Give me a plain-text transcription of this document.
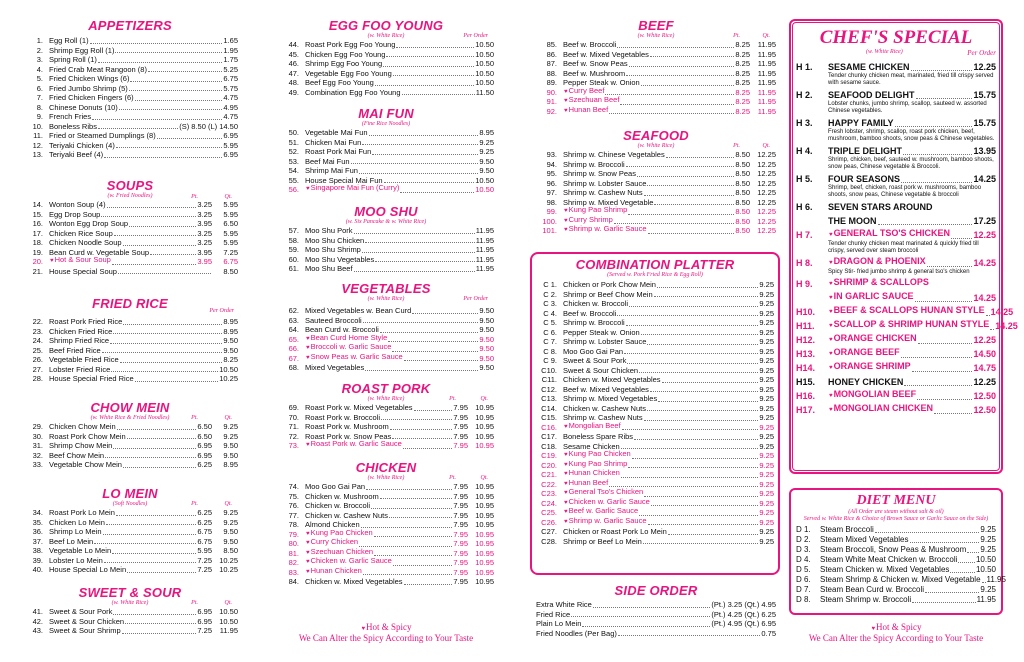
APPETIZERS
1. Egg Roll (1)	1.65
2. Shrimp Egg Roll (1)	1.95
3. Spring Roll (1)	1.75
4. Fried Crab Meat Rangoon (8)	5.25
5. Fried Chicken Wings (6)	6.75
6. Fried Jumbo Shrimp (5)	5.75
7. Fried Chicken Fingers (6)	4.75
8. Chinese Donuts (10)	4.95
9. French Fries	4.75
10. Boneless Ribs	(S) 8.50 (L) 14.50
11. Fried or Steamed Dumplings (8)	6.95
12. Teriyaki Chicken (4)	5.95
13. Teriyaki Beef (4)	6.95
SOUPS
(w. Fried Noodles)	Pt.	Qt.
14. Wonton Soup (4)	3.25 5.95
15. Egg Drop Soup	3.25 5.95
16. Wonton Egg Drop Soup	3.95 6.50
17. Chicken Rice Soup	3.25 5.95
18. Chicken Noodle Soup	3.25 5.95
19. Bean Curd w. Vegetable Soup	3.95 7.25
20.	♥Hot & Sour Soup	3.95 6.75
21. House Special Soup	8.50
FRIED RICE	Per Order
22. Roast Pork Fried Rice	8.95
23. Chicken Fried Rice	8.95
24. Shrimp Fried Rice	9.50
25. Beef Fried Rice	9.50
26. Vegetable Fried Rice	8.25
27. Lobster Fried Rice	10.50
28. House Special Fried Rice	10.25
CHOW MEIN
(w. White Rice & Fried Noodles)	Pt.	Qt.
29. Chicken Chow Mein	6.50 9.25
30. Roast Pork Chow Mein	6.50 9.25
31. Shrimp Chow Mein	6.95 9.50
32. Beef Chow Mein	6.95 9.50
33. Vegetable Chow Mein	6.25 8.95
LO MEIN
(Soft Noodles)	Pt.	Qt.
34. Roast Pork Lo Mein	6.25 9.25
35. Chicken Lo Mein	6.25 9.25
36. Shrimp Lo Mein	6.75 9.50
37. Beef Lo Mein	6.75 9.50
38. Vegetable Lo Mein	5.95 8.50
39. Lobster Lo Mein	7.25 10.25
40. House Special Lo Mein	7.25 10.25
SWEET & SOUR
(w. White Rice)	Pt.	Qt.
41. Sweet & Sour Pork	6.95 10.50
42. Sweet & Sour Chicken	6.95 10.50
43. Sweet & Sour Shrimp	7.25 11.95
EGG FOO YOUNG
(w. White Rice)	Per Order
44. Roast Pork Egg Foo Young	10.50
45. Chicken Egg Foo Young	10.50
46. Shrimp Egg Foo Young	10.50
47. Vegetable Egg Foo Young	10.50
48. Beef Egg Foo Young	10.50
49. Combination Egg Foo Young	11.50
MAI FUN
(Fine Rice Noodles)
50. Vegetable Mai Fun	8.95
51. Chicken Mai Fun	9.25
52. Roast Pork Mai Fun	9.25
53. Beef Mai Fun	9.50
54. Shrimp Mai Fun	9.50
55. House Special Mai Fun	10.50
56.	♥Singapore Mai Fun (Curry)	10.50
MOO SHU
(w. Six Pancake & w. White Rice)
57. Moo Shu Pork	11.95
58. Moo Shu Chicken	11.95
59. Moo Shu Shrimp	11.95
60. Moo Shu Vegetables	11.95
61. Moo Shu Beef	11.95
VEGETABLES
(w. White Rice)	Per Order
62. Mixed Vegetables w. Bean Curd	9.50
63. Sauteed Broccoli	9.50
64. Bean Curd w. Broccoli	9.50
65.	♥Bean Curd Home Style	9.50
66.	♥Broccoli w. Garlic Sauce	9.50
67.	♥Snow Peas w. Garlic Sauce	9.50
68. Mixed Vegetables	9.50
ROAST PORK
(w. White Rice)	Pt.	Qt.
69. Roast Pork w. Mixed Vegetables	7.95 10.95
70. Roast Pork w. Broccoli	7.95 10.95
71. Roast Pork w. Mushroom	7.95 10.95
72. Roast Pork w. Snow Peas	7.95 10.95
73.	♥Roast Pork w. Garlic Sauce	7.95 10.95
CHICKEN
(w. White Rice)	Pt.	Qt.
74. Moo Goo Gai Pan	7.95 10.95
75. Chicken w. Mushroom	7.95 10.95
76. Chicken w. Broccoli	7.95 10.95
77. Chicken w. Cashew Nuts	7.95 10.95
78. Almond Chicken	7.95 10.95
79.	♥Kung Pao Chicken	7.95 10.95
80.	♥Curry Chicken	7.95 10.95
81.	♥Szechuan Chicken	7.95 10.95
82.	♥Chicken w. Garlic Sauce	7.95 10.95
83.	♥Hunan Chicken	7.95 10.95
84. Chicken w. Mixed Vegetables	7.95 10.95
♥Hot & Spicy
We Can Alter the Spicy According to Your Taste
BEEF
(w. White Rice)	Pt.	Qt.
85. Beef w. Broccoli	8.25 11.95
86. Beef w. Mixed Vegetables	8.25 11.95
87. Beef w. Snow Peas	8.25 11.95
88. Beef w. Mushroom	8.25 11.95
89. Pepper Steak w. Onion	8.25 11.95
90.	♥Curry Beef	8.25 11.95
91.	♥Szechuan Beef	8.25 11.95
92.	♥Hunan Beef	8.25 11.95
SEAFOOD
(w. White Rice)	Pt.	Qt.
93. Shrimp w. Chinese Vegetables	8.50 12.25
94. Shrimp w. Broccoli	8.50 12.25
95. Shrimp w. Snow Peas	8.50 12.25
96. Shrimp w. Lobster Sauce	8.50 12.25
97. Shrimp w. Cashew Nuts	8.50 12.25
98. Shrimp w. Mixed Vegetable	8.50 12.25
99.	♥Kung Pao Shrimp	8.50 12.25
100.	♥Curry Shrimp	8.50 12.25
101.	♥Shrimp w. Garlic Sauce	8.50 12.25
SIDE ORDER
Extra White Rice	(Pt.) 3.25 (Qt.) 4.95
Fried Rice	(Pt.) 4.25 (Qt.) 6.25
Plain Lo Mein	(Pt.) 4.95 (Qt.) 6.95
Fried Noodles (Per Bag)	0.75
COMBINATION PLATTER
(Served w. Pork Fried Rice & Egg Roll)
C 1. Chicken or Pork Chow Mein	9.25
C 2. Shrimp or Beef Chow Mein	9.25
C 3. Chicken w. Broccoli	9.25
C 4. Beef w. Broccoli	9.25
C 5. Shrimp w. Broccoli	9.25
C 6. Pepper Steak w. Onion	9.25
C 7. Shrimp w. Lobster Sauce	9.25
C 8. Moo Goo Gai Pan	9.25
C 9. Sweet & Sour Pork	9.25
C10. Sweet & Sour Chicken	9.25
C11. Chicken w. Mixed Vegetables	9.25
C12. Beef w. Mixed Vegetables	9.25
C13. Shrimp w. Mixed Vegetables	9.25
C14. Chicken w. Cashew Nuts	9.25
C15. Shrimp w. Cashew Nuts	9.25
C16.	♥Mongolian Beef	9.25
C17. Boneless Spare Ribs	9.25
C18. Sesame Chicken	9.25
C19.	♥Kung Pao Chicken	9.25
C20.	♥Kung Pao Shrimp	9.25
C21.	♥Hunan Chicken	9.25
C22.	♥Hunan Beef	9.25
C23.	♥General Tso's Chicken	9.25
C24.	♥Chicken w. Garlic Sauce	9.25
C25.	♥Beef w. Garlic Sauce	9.25
C26.	♥Shrimp w. Garlic Sauce	9.25
C27. Chicken or Roast Pork Lo Mein	9.25
C28. Shrimp or Beef Lo Mein	9.25
CHEF'S SPECIAL
(w. White Rice)	Per Order
H 1.	SESAME CHICKEN	12.25
Tender chunky chicken meat, marinated, fried till crispy served with sesame sauce.
H 2.	SEAFOOD DELIGHT	15.75
Lobster chunks, jumbo shrimp, scallop, sauteed w. assorted Chinese vegetables.
H 3.	HAPPY FAMILY	15.75
Fresh lobster, shrimp, scallop, roast pork chicken, beef, mushroom, bamboo shoots, snow peas & Chinese vegetables.
H 4.	TRIPLE DELIGHT	13.95
Shrimp, chicken, beef, sauteed w. mushroom, bamboo shoots, snow peas, Chinese vegetable & Broccoli.
H 5.	FOUR SEASONS	14.25
Shrimp, beef, chicken, roast pork w. mushrooms, bamboo shoots, snow peas, Chinese vegetable & broccoli
H 6.	SEVEN STARS AROUND
THE MOON	17.25
H 7.	♥GENERAL TSO'S CHICKEN	12.25
Tender chunky chicken meat marinated & quickly fried till crispy, served over steam broccoli
H 8.	♥DRAGON & PHOENIX	14.25
Spicy Stir- fried jumbo shrimp & general tso's chicken
H 9.	♥SHRIMP & SCALLOPS
♥IN GARLIC SAUCE	14.25
H10.	♥BEEF & SCALLOPS HUNAN STYLE 14.25
H11.	♥SCALLOP & SHRIMP HUNAN STYLE 14.25
H12.	♥ORANGE CHICKEN	12.25
H13.	♥ORANGE BEEF	14.50
H14.	♥ORANGE SHRIMP	14.75
H15.	HONEY CHICKEN	12.25
H16.	♥MONGOLIAN BEEF	12.50
H17.	♥MONGOLIAN CHICKEN	12.50
DIET MENU
(All Order are steam without salt & oil)
Served w. White Rice & Choice of Brown Sauce or Garlic Sauce on the Side)
D 1.	Steam Broccoli	9.25
D 2.	Steam Mixed Vegetables	9.25
D 3.	Steam Broccoli, Snow Peas & Mushroom 9.25
D 4.	Steam White Meat Chicken w. Broccoli 10.50
D 5.	Steam Chicken w. Mixed Vegetables	10.50
D 6.	Steam Shrimp & Chicken w. Mixed Vegetable 11.95
D 7.	Steam Bean Curd w. Broccoli	9.25
D 8.	Steam Shrimp w. Broccoli	11.95
♥Hot & Spicy
We Can Alter the Spicy According to Your Taste
